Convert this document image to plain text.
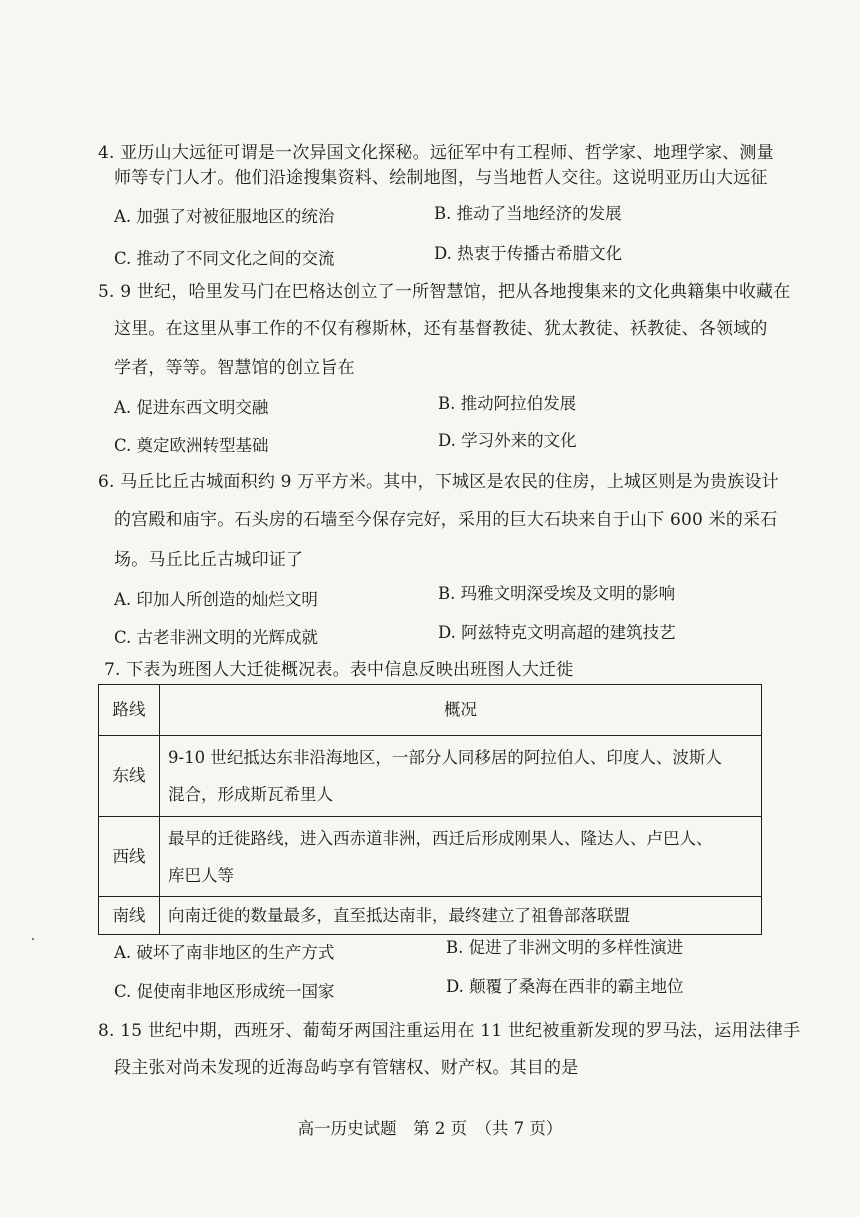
4. 亚历山大远征可谓是一次异国文化探秘。远征军中有工程师、哲学家、地理学家、测量
师等专门人才。他们沿途搜集资料、绘制地图，与当地哲人交往。这说明亚历山大远征
A. 加强了对被征服地区的统治	B. 推动了当地经济的发展
C. 推动了不同文化之间的交流	D. 热衷于传播古希腊文化
5. 9 世纪，哈里发马门在巴格达创立了一所智慧馆，把从各地搜集来的文化典籍集中收藏在
这里。在这里从事工作的不仅有穆斯林，还有基督教徒、犹太教徒、袄教徒、各领域的
学者，等等。智慧馆的创立旨在
A. 促进东西文明交融	B. 推动阿拉伯发展
C. 奠定欧洲转型基础	D. 学习外来的文化
6. 马丘比丘古城面积约 9 万平方米。其中，下城区是农民的住房，上城区则是为贵族设计
的宫殿和庙宇。石头房的石墙至今保存完好，采用的巨大石块来自于山下 600 米的采石
场。马丘比丘古城印证了
A. 印加人所创造的灿烂文明	B. 玛雅文明深受埃及文明的影响
C. 古老非洲文明的光辉成就	D. 阿兹特克文明高超的建筑技艺
7. 下表为班图人大迁徙概况表。表中信息反映出班图人大迁徙
路线	概况
东线	9-10 世纪抵达东非沿海地区，一部分人同移居的阿拉伯人、印度人、波斯人
混合，形成斯瓦希里人

西线	最早的迁徙路线，进入西赤道非洲，西迁后形成刚果人、隆达人、卢巴人、
库巴人等

南线	向南迁徙的数量最多，直至抵达南非，最终建立了祖鲁部落联盟
A. 破坏了南非地区的生产方式	B. 促进了非洲文明的多样性演进
C. 促使南非地区形成统一国家	D. 颠覆了桑海在西非的霸主地位
8. 15 世纪中期，西班牙、葡萄牙两国注重运用在 11 世纪被重新发现的罗马法，运用法律手
段主张对尚未发现的近海岛屿享有管辖权、财产权。其目的是
高一历史试题　第 2 页　（共 7 页）
